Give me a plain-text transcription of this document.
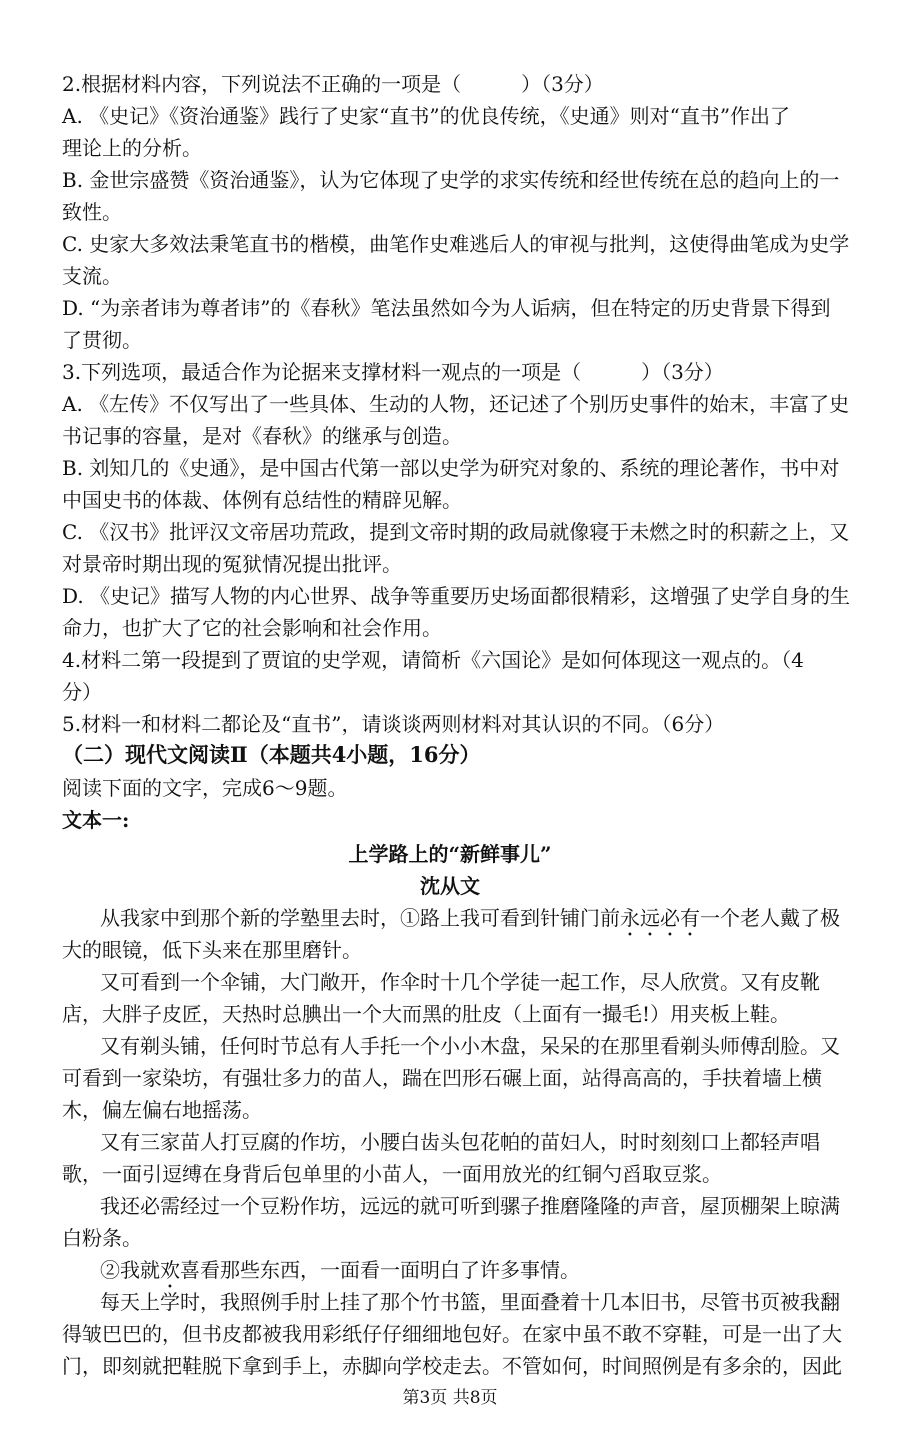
2.根据材料内容，下列说法不正确的一项是（　　　）（3分）
A. 《史记》《资治通鉴》践行了史家“直书”的优良传统，《史通》则对“直书”作出了
理论上的分析。
B. 金世宗盛赞《资治通鉴》，认为它体现了史学的求实传统和经世传统在总的趋向上的一
致性。
C. 史家大多效法秉笔直书的楷模，曲笔作史难逃后人的审视与批判，这使得曲笔成为史学
支流。
D. “为亲者讳为尊者讳”的《春秋》笔法虽然如今为人诟病，但在特定的历史背景下得到
了贯彻。
3.下列选项，最适合作为论据来支撑材料一观点的一项是（　　　）（3分）
A. 《左传》不仅写出了一些具体、生动的人物，还记述了个别历史事件的始末，丰富了史
书记事的容量，是对《春秋》的继承与创造。
B. 刘知几的《史通》，是中国古代第一部以史学为研究对象的、系统的理论著作，书中对
中国史书的体裁、体例有总结性的精辟见解。
C. 《汉书》批评汉文帝居功荒政，提到文帝时期的政局就像寝于未燃之时的积薪之上，又
对景帝时期出现的冤狱情况提出批评。
D. 《史记》描写人物的内心世界、战争等重要历史场面都很精彩，这增强了史学自身的生
命力，也扩大了它的社会影响和社会作用。
4.材料二第一段提到了贾谊的史学观，请简析《六国论》是如何体现这一观点的。（4
分）
5.材料一和材料二都论及“直书”，请谈谈两则材料对其认识的不同。（6分）
（二）现代文阅读Ⅱ（本题共4小题，16分）
阅读下面的文字，完成6～9题。
文本一:
上学路上的“新鲜事儿”
沈从文
从我家中到那个新的学塾里去时，①路上我可看到针铺门前永远必有一个老人戴了极
大的眼镜，低下头来在那里磨针。
又可看到一个伞铺，大门敞开，作伞时十几个学徒一起工作，尽人欣赏。又有皮靴
店，大胖子皮匠，天热时总腆出一个大而黑的肚皮（上面有一撮毛!）用夹板上鞋。
又有剃头铺，任何时节总有人手托一个小小木盘，呆呆的在那里看剃头师傅刮脸。又
可看到一家染坊，有强壮多力的苗人，踹在凹形石碾上面，站得高高的，手扶着墙上横
木，偏左偏右地摇荡。
又有三家苗人打豆腐的作坊，小腰白齿头包花帕的苗妇人，时时刻刻口上都轻声唱
歌，一面引逗缚在身背后包单里的小苗人，一面用放光的红铜勺舀取豆浆。
我还必需经过一个豆粉作坊，远远的就可听到骡子推磨隆隆的声音，屋顶棚架上晾满
白粉条。
②我就欢喜看那些东西，一面看一面明白了许多事情。
每天上学时，我照例手肘上挂了那个竹书篮，里面叠着十几本旧书，尽管书页被我翻
得皱巴巴的，但书皮都被我用彩纸仔仔细细地包好。在家中虽不敢不穿鞋，可是一出了大
门，即刻就把鞋脱下拿到手上，赤脚向学校走去。不管如何，时间照例是有多余的，因此
第3页 共8页
